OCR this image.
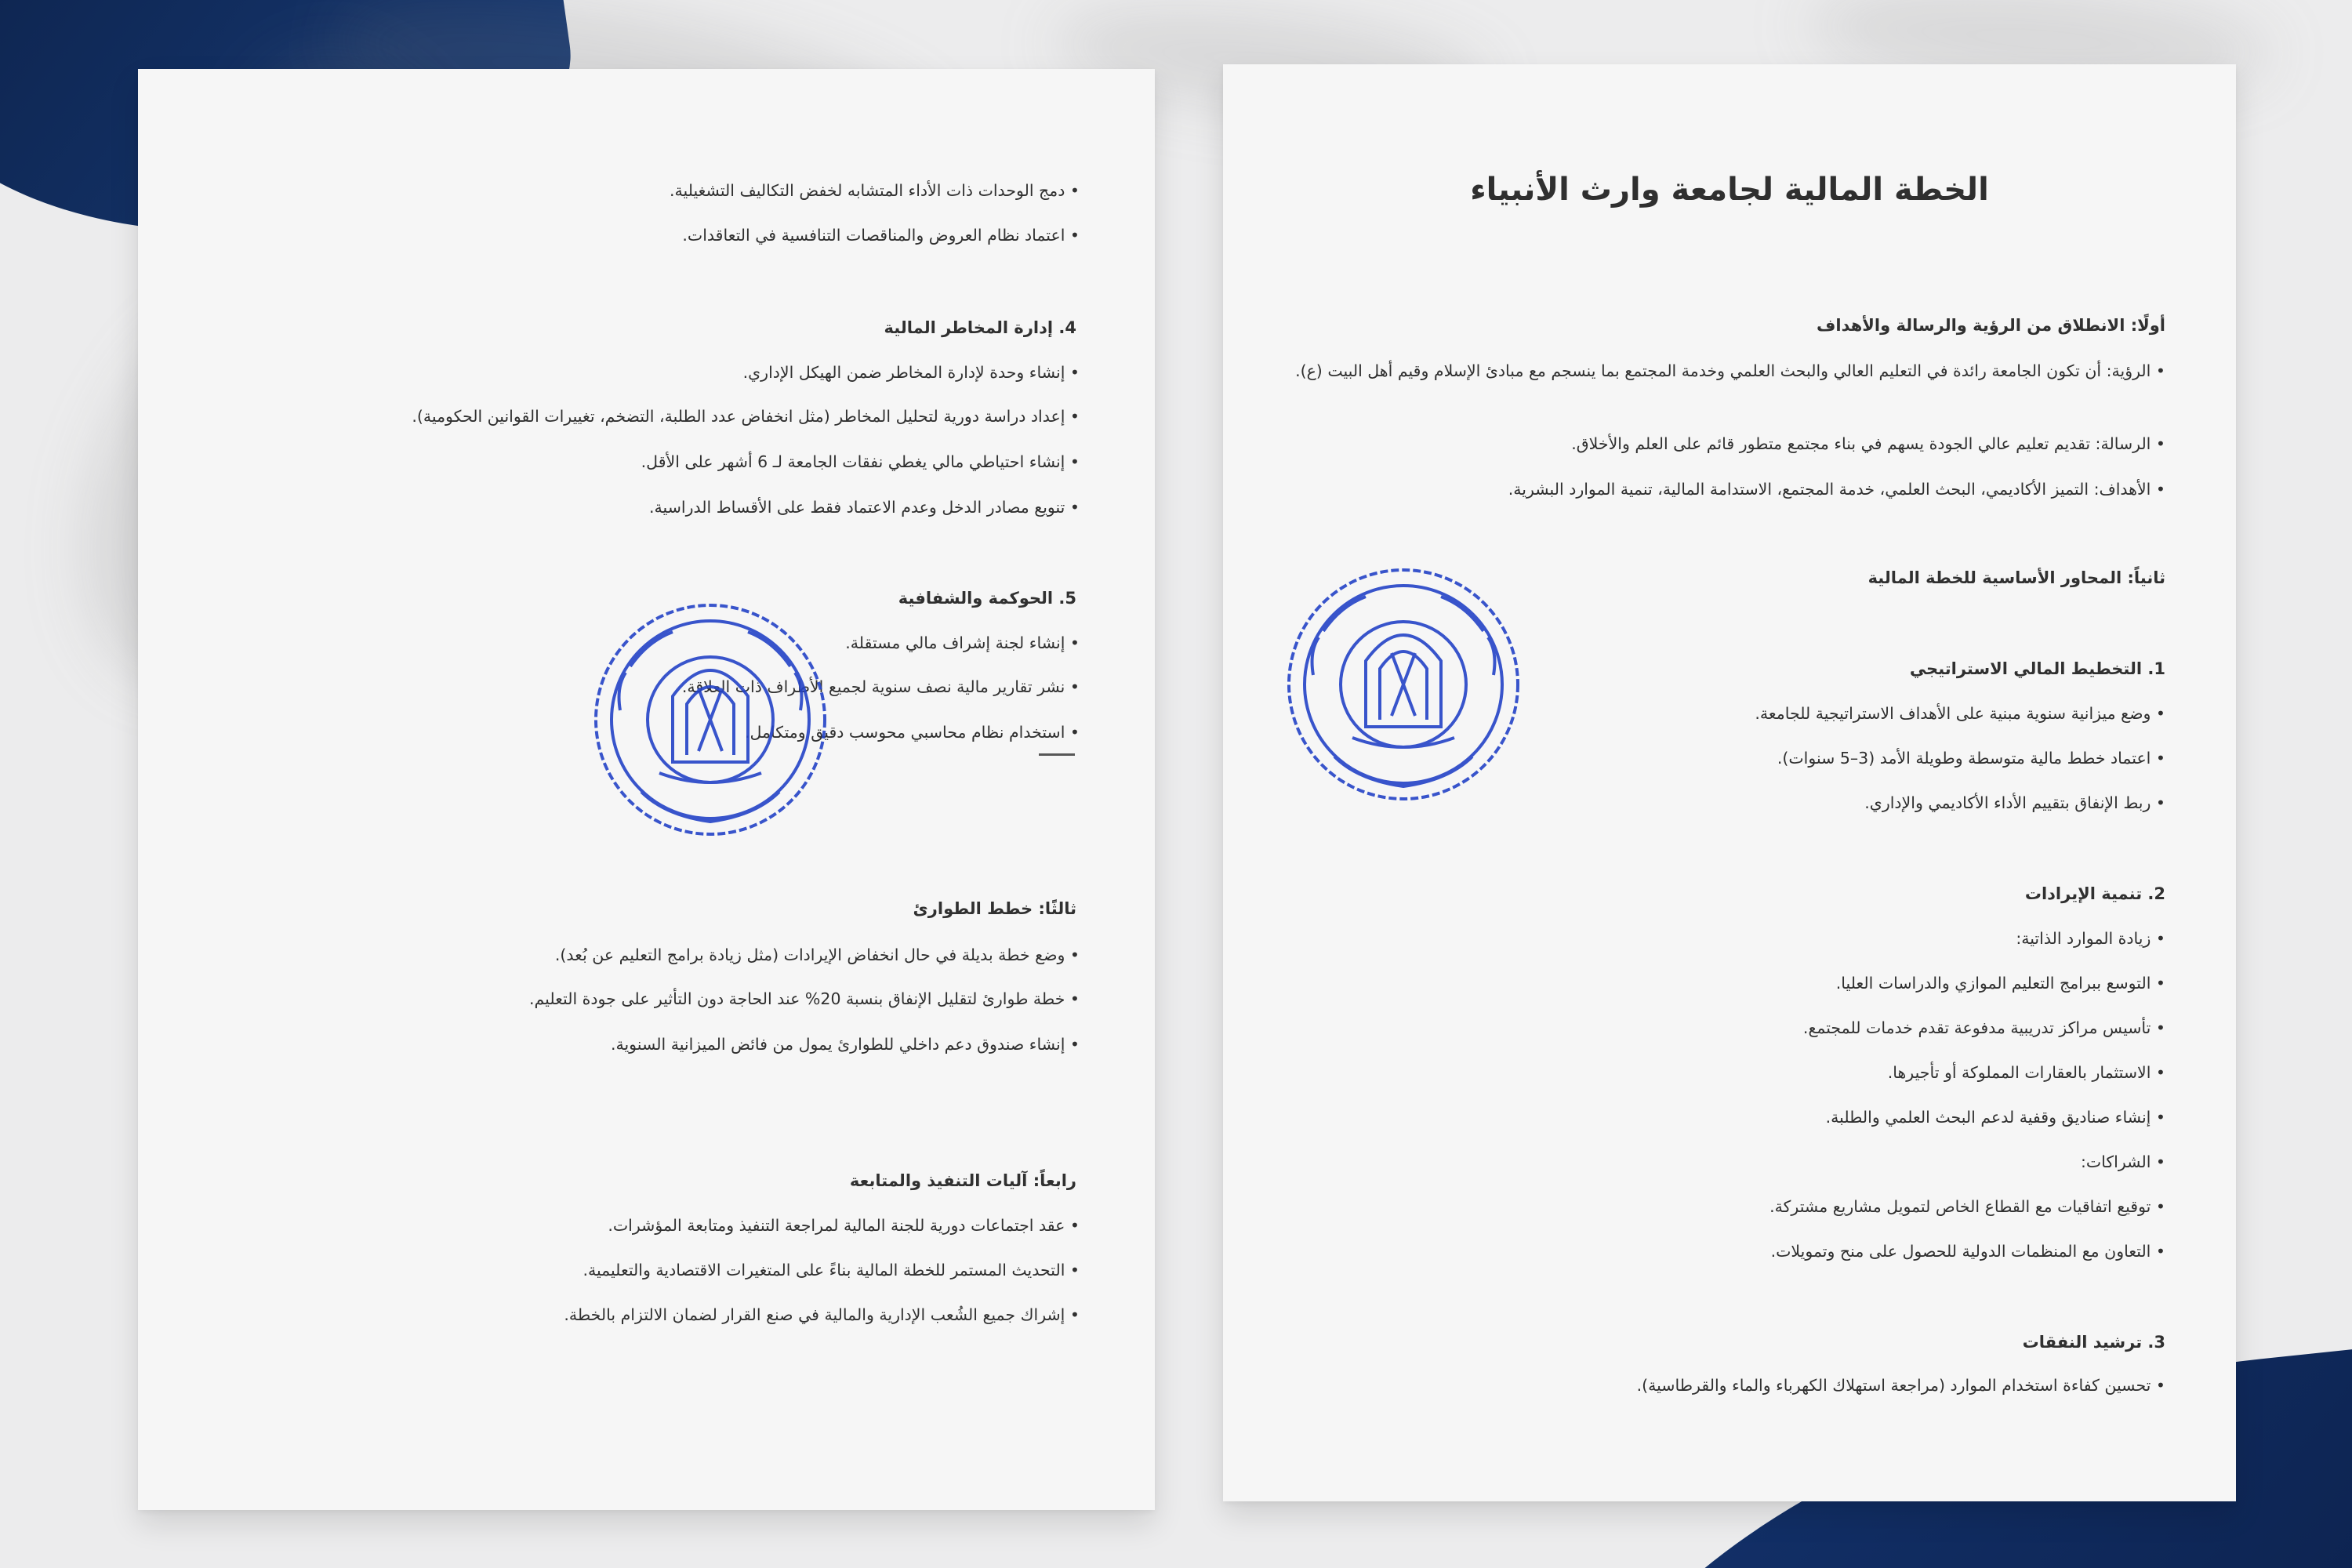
• دمج الوحدات ذات الأداء المتشابه لخفض التكاليف التشغيلية.
• اعتماد نظام العروض والمناقصات التنافسية في التعاقدات.
4. إدارة المخاطر المالية
• إنشاء وحدة لإدارة المخاطر ضمن الهيكل الإداري.
• إعداد دراسة دورية لتحليل المخاطر (مثل انخفاض عدد الطلبة، التضخم، تغييرات القوانين الحكومية).
• إنشاء احتياطي مالي يغطي نفقات الجامعة لـ 6 أشهر على الأقل.
• تنويع مصادر الدخل وعدم الاعتماد فقط على الأقساط الدراسية.
5. الحوكمة والشفافية
• إنشاء لجنة إشراف مالي مستقلة.
• نشر تقارير مالية نصف سنوية لجميع الأطراف ذات العلاقة.
• استخدام نظام محاسبي محوسب دقيق ومتكامل.
ثالثًا: خطط الطوارئ
• وضع خطة بديلة في حال انخفاض الإيرادات (مثل زيادة برامج التعليم عن بُعد).
• خطة طوارئ لتقليل الإنفاق بنسبة 20% عند الحاجة دون التأثير على جودة التعليم.
• إنشاء صندوق دعم داخلي للطوارئ يمول من فائض الميزانية السنوية.
رابعاً: آليات التنفيذ والمتابعة
• عقد اجتماعات دورية للجنة المالية لمراجعة التنفيذ ومتابعة المؤشرات.
• التحديث المستمر للخطة المالية بناءً على المتغيرات الاقتصادية والتعليمية.
• إشراك جميع الشُعب الإدارية والمالية في صنع القرار لضمان الالتزام بالخطة.
الخطة المالية لجامعة وارث الأنبياء
أولًا: الانطلاق من الرؤية والرسالة والأهداف
• الرؤية: أن تكون الجامعة رائدة في التعليم العالي والبحث العلمي وخدمة المجتمع بما ينسجم مع مبادئ الإسلام وقيم أهل البيت (ع).
• الرسالة: تقديم تعليم عالي الجودة يسهم في بناء مجتمع متطور قائم على العلم والأخلاق.
• الأهداف: التميز الأكاديمي، البحث العلمي، خدمة المجتمع، الاستدامة المالية، تنمية الموارد البشرية.
ثانياً: المحاور الأساسية للخطة المالية
1. التخطيط المالي الاستراتيجي
• وضع ميزانية سنوية مبنية على الأهداف الاستراتيجية للجامعة.
• اعتماد خطط مالية متوسطة وطويلة الأمد (3–5 سنوات).
• ربط الإنفاق بتقييم الأداء الأكاديمي والإداري.
2. تنمية الإيرادات
• زيادة الموارد الذاتية:
• التوسع ببرامج التعليم الموازي والدراسات العليا.
• تأسيس مراكز تدريبية مدفوعة تقدم خدمات للمجتمع.
• الاستثمار بالعقارات المملوكة أو تأجيرها.
• إنشاء صناديق وقفية لدعم البحث العلمي والطلبة.
• الشراكات:
• توقيع اتفاقيات مع القطاع الخاص لتمويل مشاريع مشتركة.
• التعاون مع المنظمات الدولية للحصول على منح وتمويلات.
3. ترشيد النفقات
• تحسين كفاءة استخدام الموارد (مراجعة استهلاك الكهرباء والماء والقرطاسية).
